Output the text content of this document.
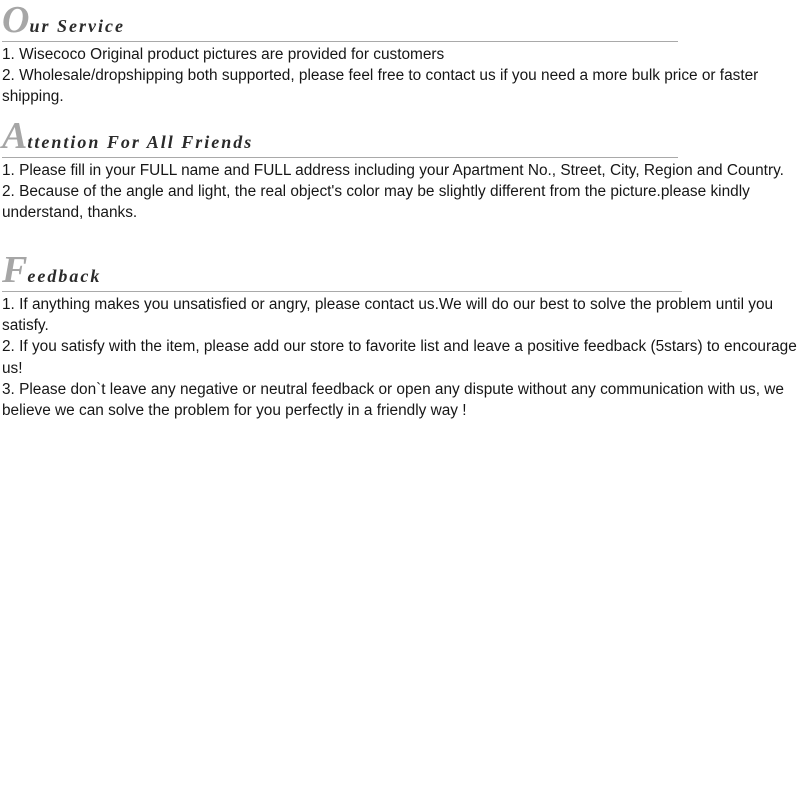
Our Service
1. Wisecoco Original product pictures are provided for customers
2. Wholesale/dropshipping both supported, please feel free to contact us if you need a more bulk price or faster shipping.
Attention For All Friends
1. Please fill in your FULL name and FULL address including your Apartment No., Street, City, Region and Country.
2. Because of the angle and light, the real object's color may be slightly different from the picture.please kindly understand, thanks.
Feedback
1. If anything makes you unsatisfied or angry, please contact us.We will do our best to solve the problem until you satisfy.
2. If you satisfy with the item, please add our store to favorite list and leave a positive feedback (5stars) to encourage us!
3. Please don`t leave any negative or neutral feedback or open any dispute without any communication with us, we believe we can solve the problem for you perfectly in a friendly way !
